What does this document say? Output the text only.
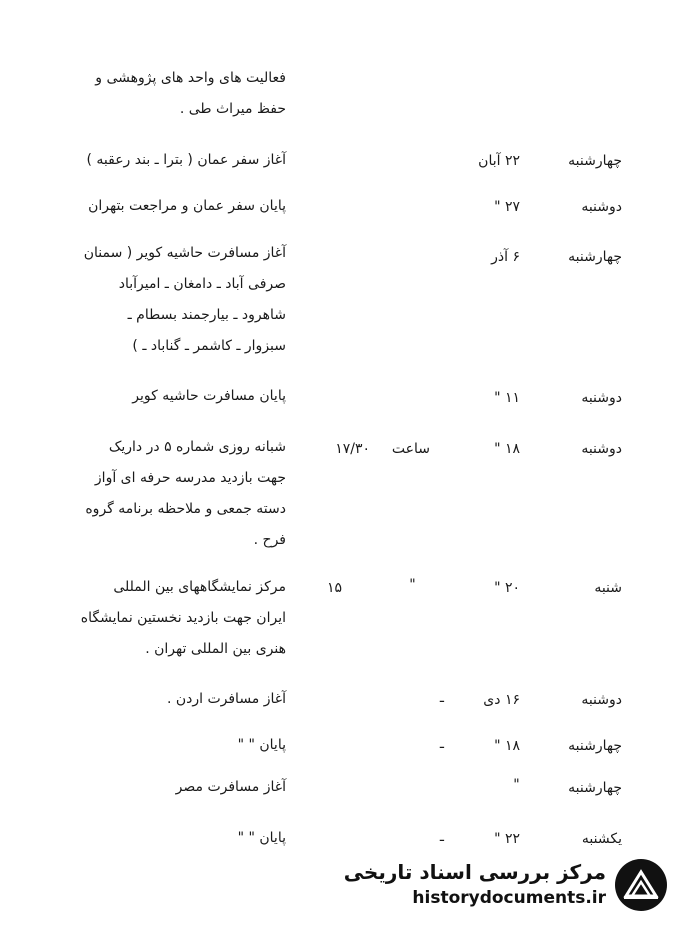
فعالیت های واحد های پژوهشی و
حفظ میراث طی .
چهارشنبه
۲۲ آبان
آغاز سفر عمان ( بترا ـ بند رعقبه )
دوشنبه
۲۷ "
پایان سفر عمان و مراجعت بتهران
چهارشنبه
۶ آذر
آغاز مسافرت حاشیه کویر ( سمنان
صرفی آباد ـ دامغان ـ امیرآباد
شاهرود ـ بیارجمند بسطام ـ
سبزوار ـ کاشمر ـ گناباد ـ )
دوشنبه
۱۱ "
پایان مسافرت حاشیه کویر
دوشنبه
۱۸ "
ساعت
۱۷/۳۰
شبانه روزی شماره ۵ در داریک
جهت بازدید مدرسه حرفه ای آواز
دسته جمعی و ملاحظه برنامه گروه
فرح .
شنبه
۲۰ "
"
۱۵
مرکز نمایشگاههای بین المللی
ایران جهت بازدید نخستین نمایشگاه
هنری بین المللی تهران .
دوشنبه
۱۶ دی
ـ
آغاز مسافرت اردن .
چهارشنبه
۱۸ "
ـ
پایان " "
چهارشنبه
"
آغاز مسافرت مصر
یکشنبه
۲۲ "
ـ
پایان " "
مرکز بررسی اسناد تاریخی
historydocuments.ir
